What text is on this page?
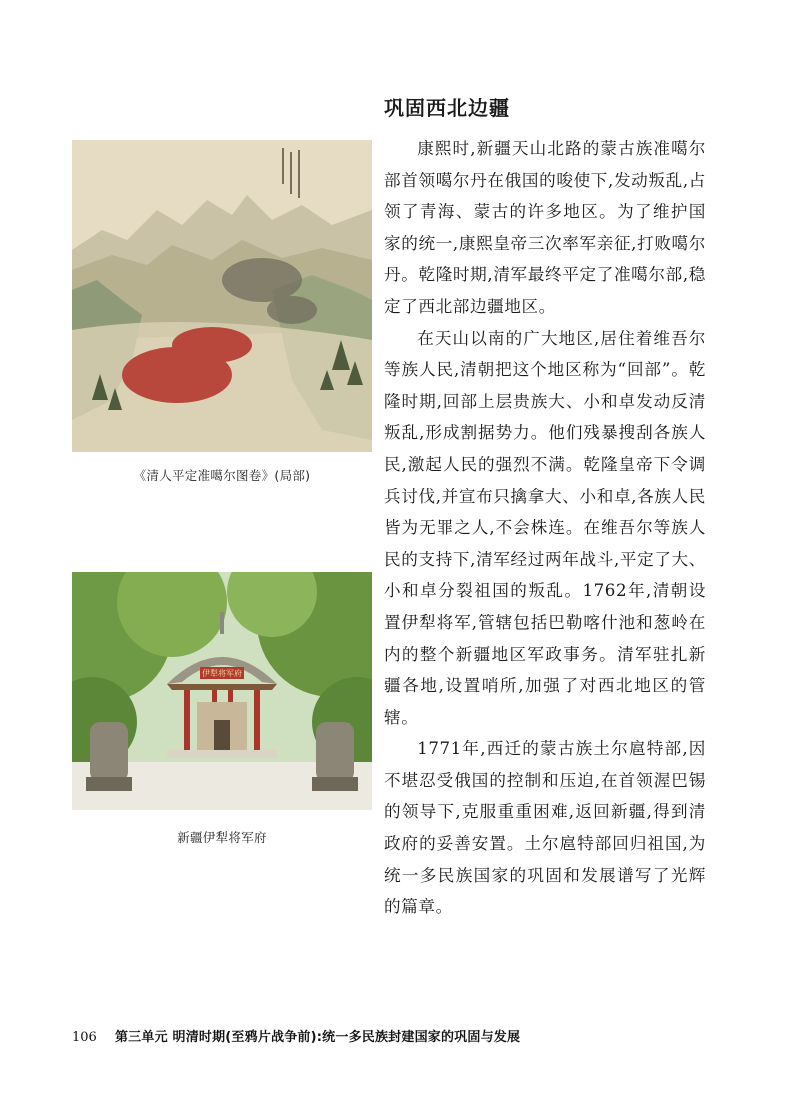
《清人平定准噶尔图卷》(局部)
伊犁将军府
新疆伊犁将军府
巩固西北边疆

康熙时,新疆天山北路的蒙古族准噶尔部首领噶尔丹在俄国的唆使下,发动叛乱,占领了青海、蒙古的许多地区。为了维护国家的统一,康熙皇帝三次率军亲征,打败噶尔丹。乾隆时期,清军最终平定了准噶尔部,稳定了西北部边疆地区。

在天山以南的广大地区,居住着维吾尔等族人民,清朝把这个地区称为“回部”。乾隆时期,回部上层贵族大、小和卓发动反清叛乱,形成割据势力。他们残暴搜刮各族人民,激起人民的强烈不满。乾隆皇帝下令调兵讨伐,并宣布只擒拿大、小和卓,各族人民皆为无罪之人,不会株连。在维吾尔等族人民的支持下,清军经过两年战斗,平定了大、小和卓分裂祖国的叛乱。1762年,清朝设置伊犁将军,管辖包括巴勒喀什池和葱岭在内的整个新疆地区军政事务。清军驻扎新疆各地,设置哨所,加强了对西北地区的管辖。

1771年,西迁的蒙古族土尔扈特部,因不堪忍受俄国的控制和压迫,在首领渥巴锡的领导下,克服重重困难,返回新疆,得到清政府的妥善安置。土尔扈特部回归祖国,为统一多民族国家的巩固和发展谱写了光辉的篇章。

106 第三单元 明清时期(至鸦片战争前):统一多民族封建国家的巩固与发展
